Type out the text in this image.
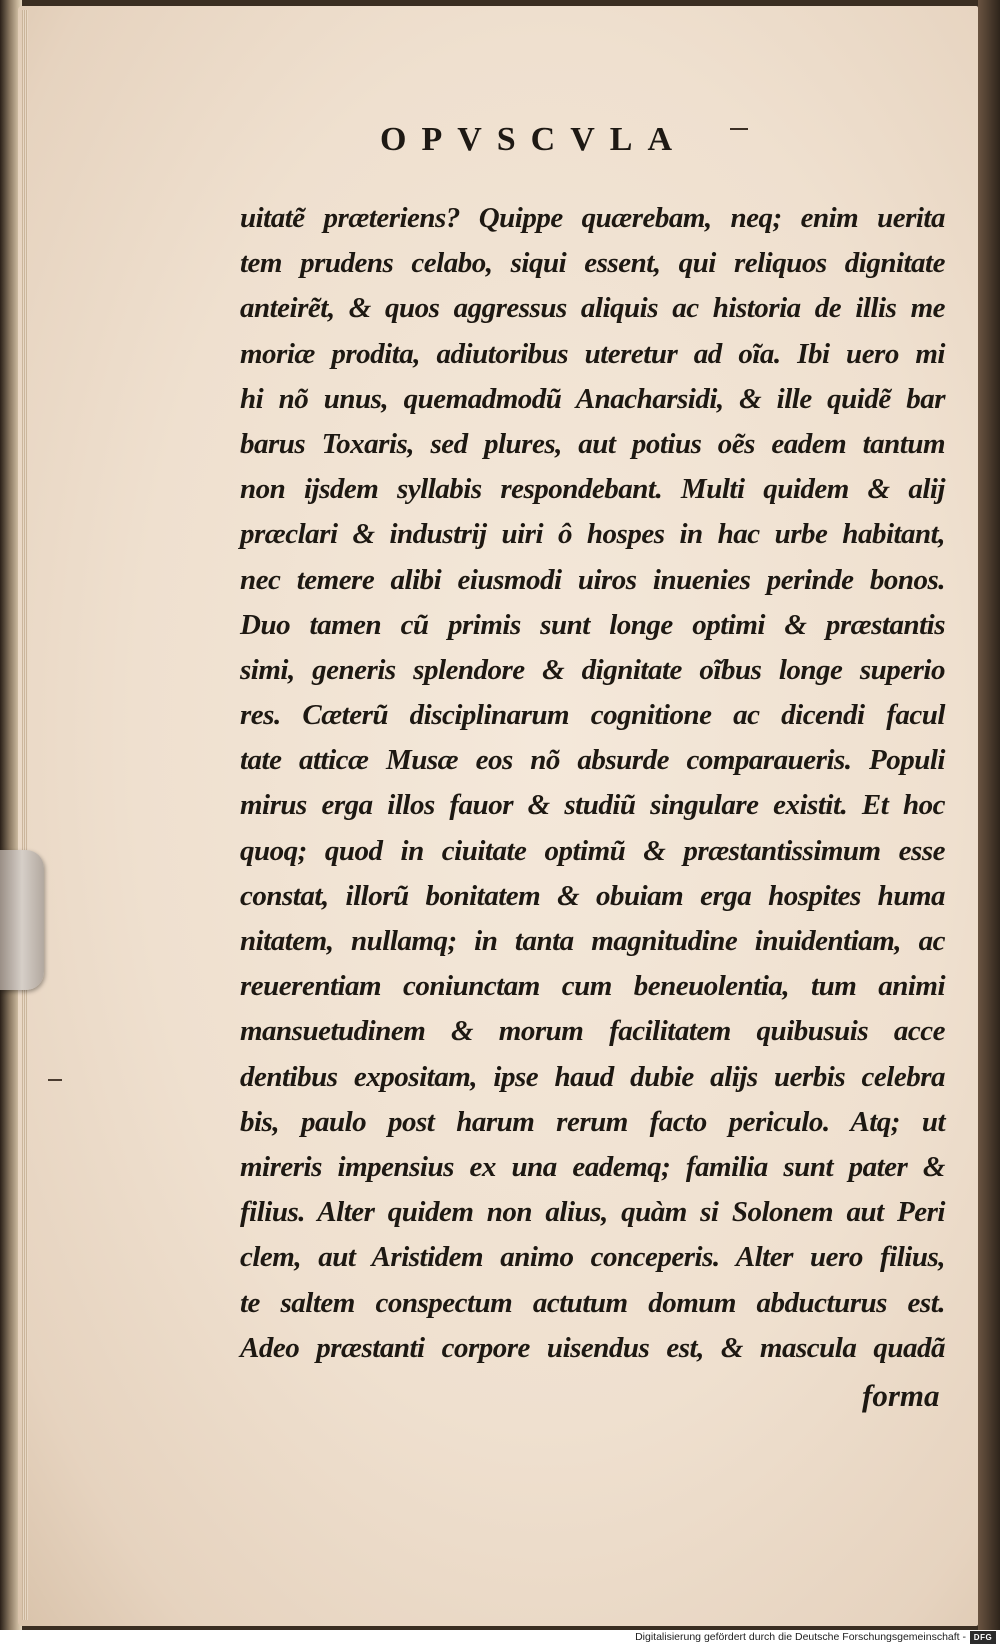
OPVSCVLA
uitatẽ præteriens? Quippe quærebam, neq; enim uerita
tem prudens celabo, siqui essent, qui reliquos dignitate
anteirẽt, & quos aggressus aliquis ac historia de illis me
moriæ prodita, adiutoribus uteretur ad oĩa. Ibi uero mi
hi nõ unus, quemadmodũ Anacharsidi, & ille quidẽ bar
barus Toxaris, sed plures, aut potius oẽs eadem tantum
non ijsdem syllabis respondebant. Multi quidem & alij
præclari & industrij uiri ô hospes in hac urbe habitant,
nec temere alibi eiusmodi uiros inuenies perinde bonos.
Duo tamen cũ primis sunt longe optimi & præstantis
simi, generis splendore & dignitate oĩbus longe superio
res. Cæterũ disciplinarum cognitione ac dicendi facul
tate atticæ Musæ eos nõ absurde comparaueris. Populi
mirus erga illos fauor & studiũ singulare existit. Et hoc
quoq; quod in ciuitate optimũ & præstantissimum esse
constat, illorũ bonitatem & obuiam erga hospites huma
nitatem, nullamq; in tanta magnitudine inuidentiam, ac
reuerentiam coniunctam cum beneuolentia, tum animi
mansuetudinem & morum facilitatem quibusuis acce
dentibus expositam, ipse haud dubie alijs uerbis celebra
bis, paulo post harum rerum facto periculo. Atq; ut
mireris impensius ex una eademq; familia sunt pater &
filius. Alter quidem non alius, quàm si Solonem aut Peri
clem, aut Aristidem animo conceperis. Alter uero filius,
te saltem conspectum actutum domum abducturus est.
Adeo præstanti corpore uisendus est, & mascula quadã
forma
Digitalisierung gefördert durch die Deutsche Forschungsgemeinschaft - DFG
